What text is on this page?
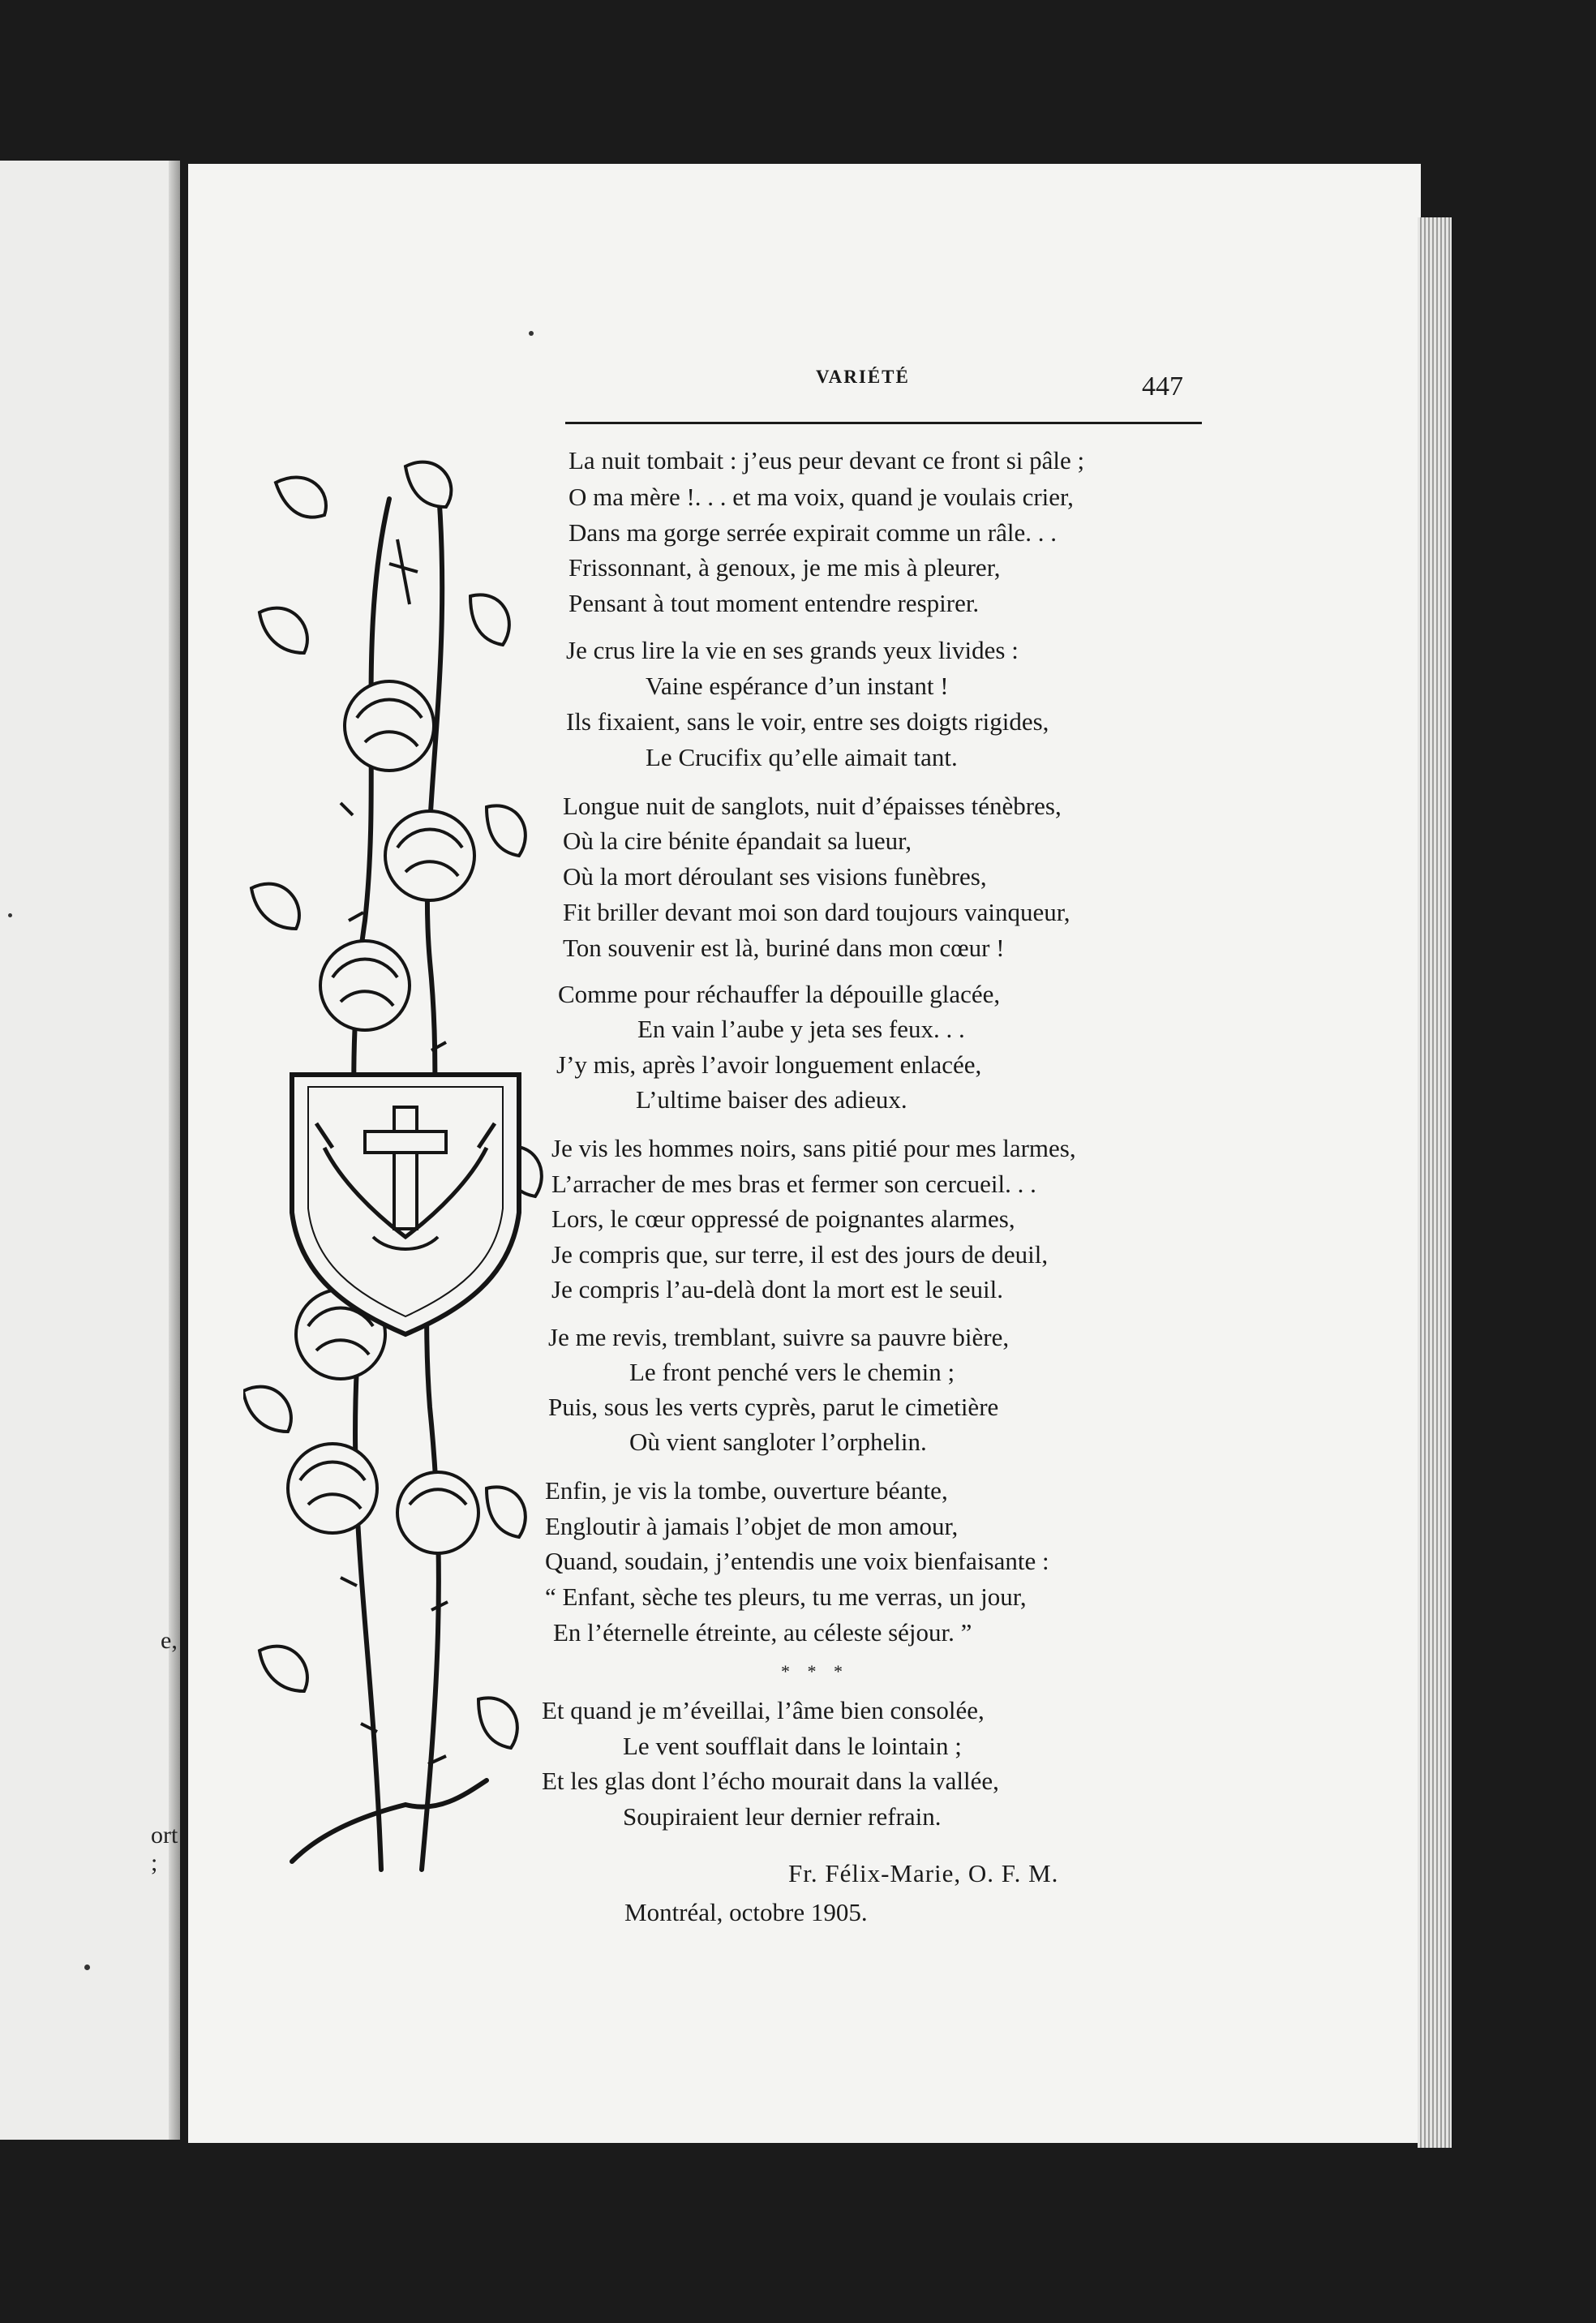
e,
ort ;
VARIÉTÉ	447
La nuit tombait : j’eus peur devant ce front si pâle ;
O ma mère !. . . et ma voix, quand je voulais crier,
Dans ma gorge serrée expirait comme un râle. . .
Frissonnant, à genoux, je me mis à pleurer,
Pensant à tout moment entendre respirer.
Je crus lire la vie en ses grands yeux livides :
Vaine espérance d’un instant !
Ils fixaient, sans le voir, entre ses doigts rigides,
Le Crucifix qu’elle aimait tant.
Longue nuit de sanglots, nuit d’épaisses ténèbres,
Où la cire bénite épandait sa lueur,
Où la mort déroulant ses visions funèbres,
Fit briller devant moi son dard toujours vainqueur,
Ton souvenir est là, buriné dans mon cœur !
Comme pour réchauffer la dépouille glacée,
En vain l’aube y jeta ses feux. . .
J’y mis, après l’avoir longuement enlacée,
L’ultime baiser des adieux.
Je vis les hommes noirs, sans pitié pour mes larmes,
L’arracher de mes bras et fermer son cercueil. . .
Lors, le cœur oppressé de poignantes alarmes,
Je compris que, sur terre, il est des jours de deuil,
Je compris l’au-delà dont la mort est le seuil.
Je me revis, tremblant, suivre sa pauvre bière,
Le front penché vers le chemin ;
Puis, sous les verts cyprès, parut le cimetière
Où vient sangloter l’orphelin.
Enfin, je vis la tombe, ouverture béante,
Engloutir à jamais l’objet de mon amour,
Quand, soudain, j’entendis une voix bienfaisante :
“ Enfant, sèche tes pleurs, tu me verras, un jour,
En l’éternelle étreinte, au céleste séjour. ”
* * *
Et quand je m’éveillai, l’âme bien consolée,
Le vent soufflait dans le lointain ;
Et les glas dont l’écho mourait dans la vallée,
Soupiraient leur dernier refrain.
Fr. Félix-Marie, O. F. M.
Montréal, octobre 1905.
